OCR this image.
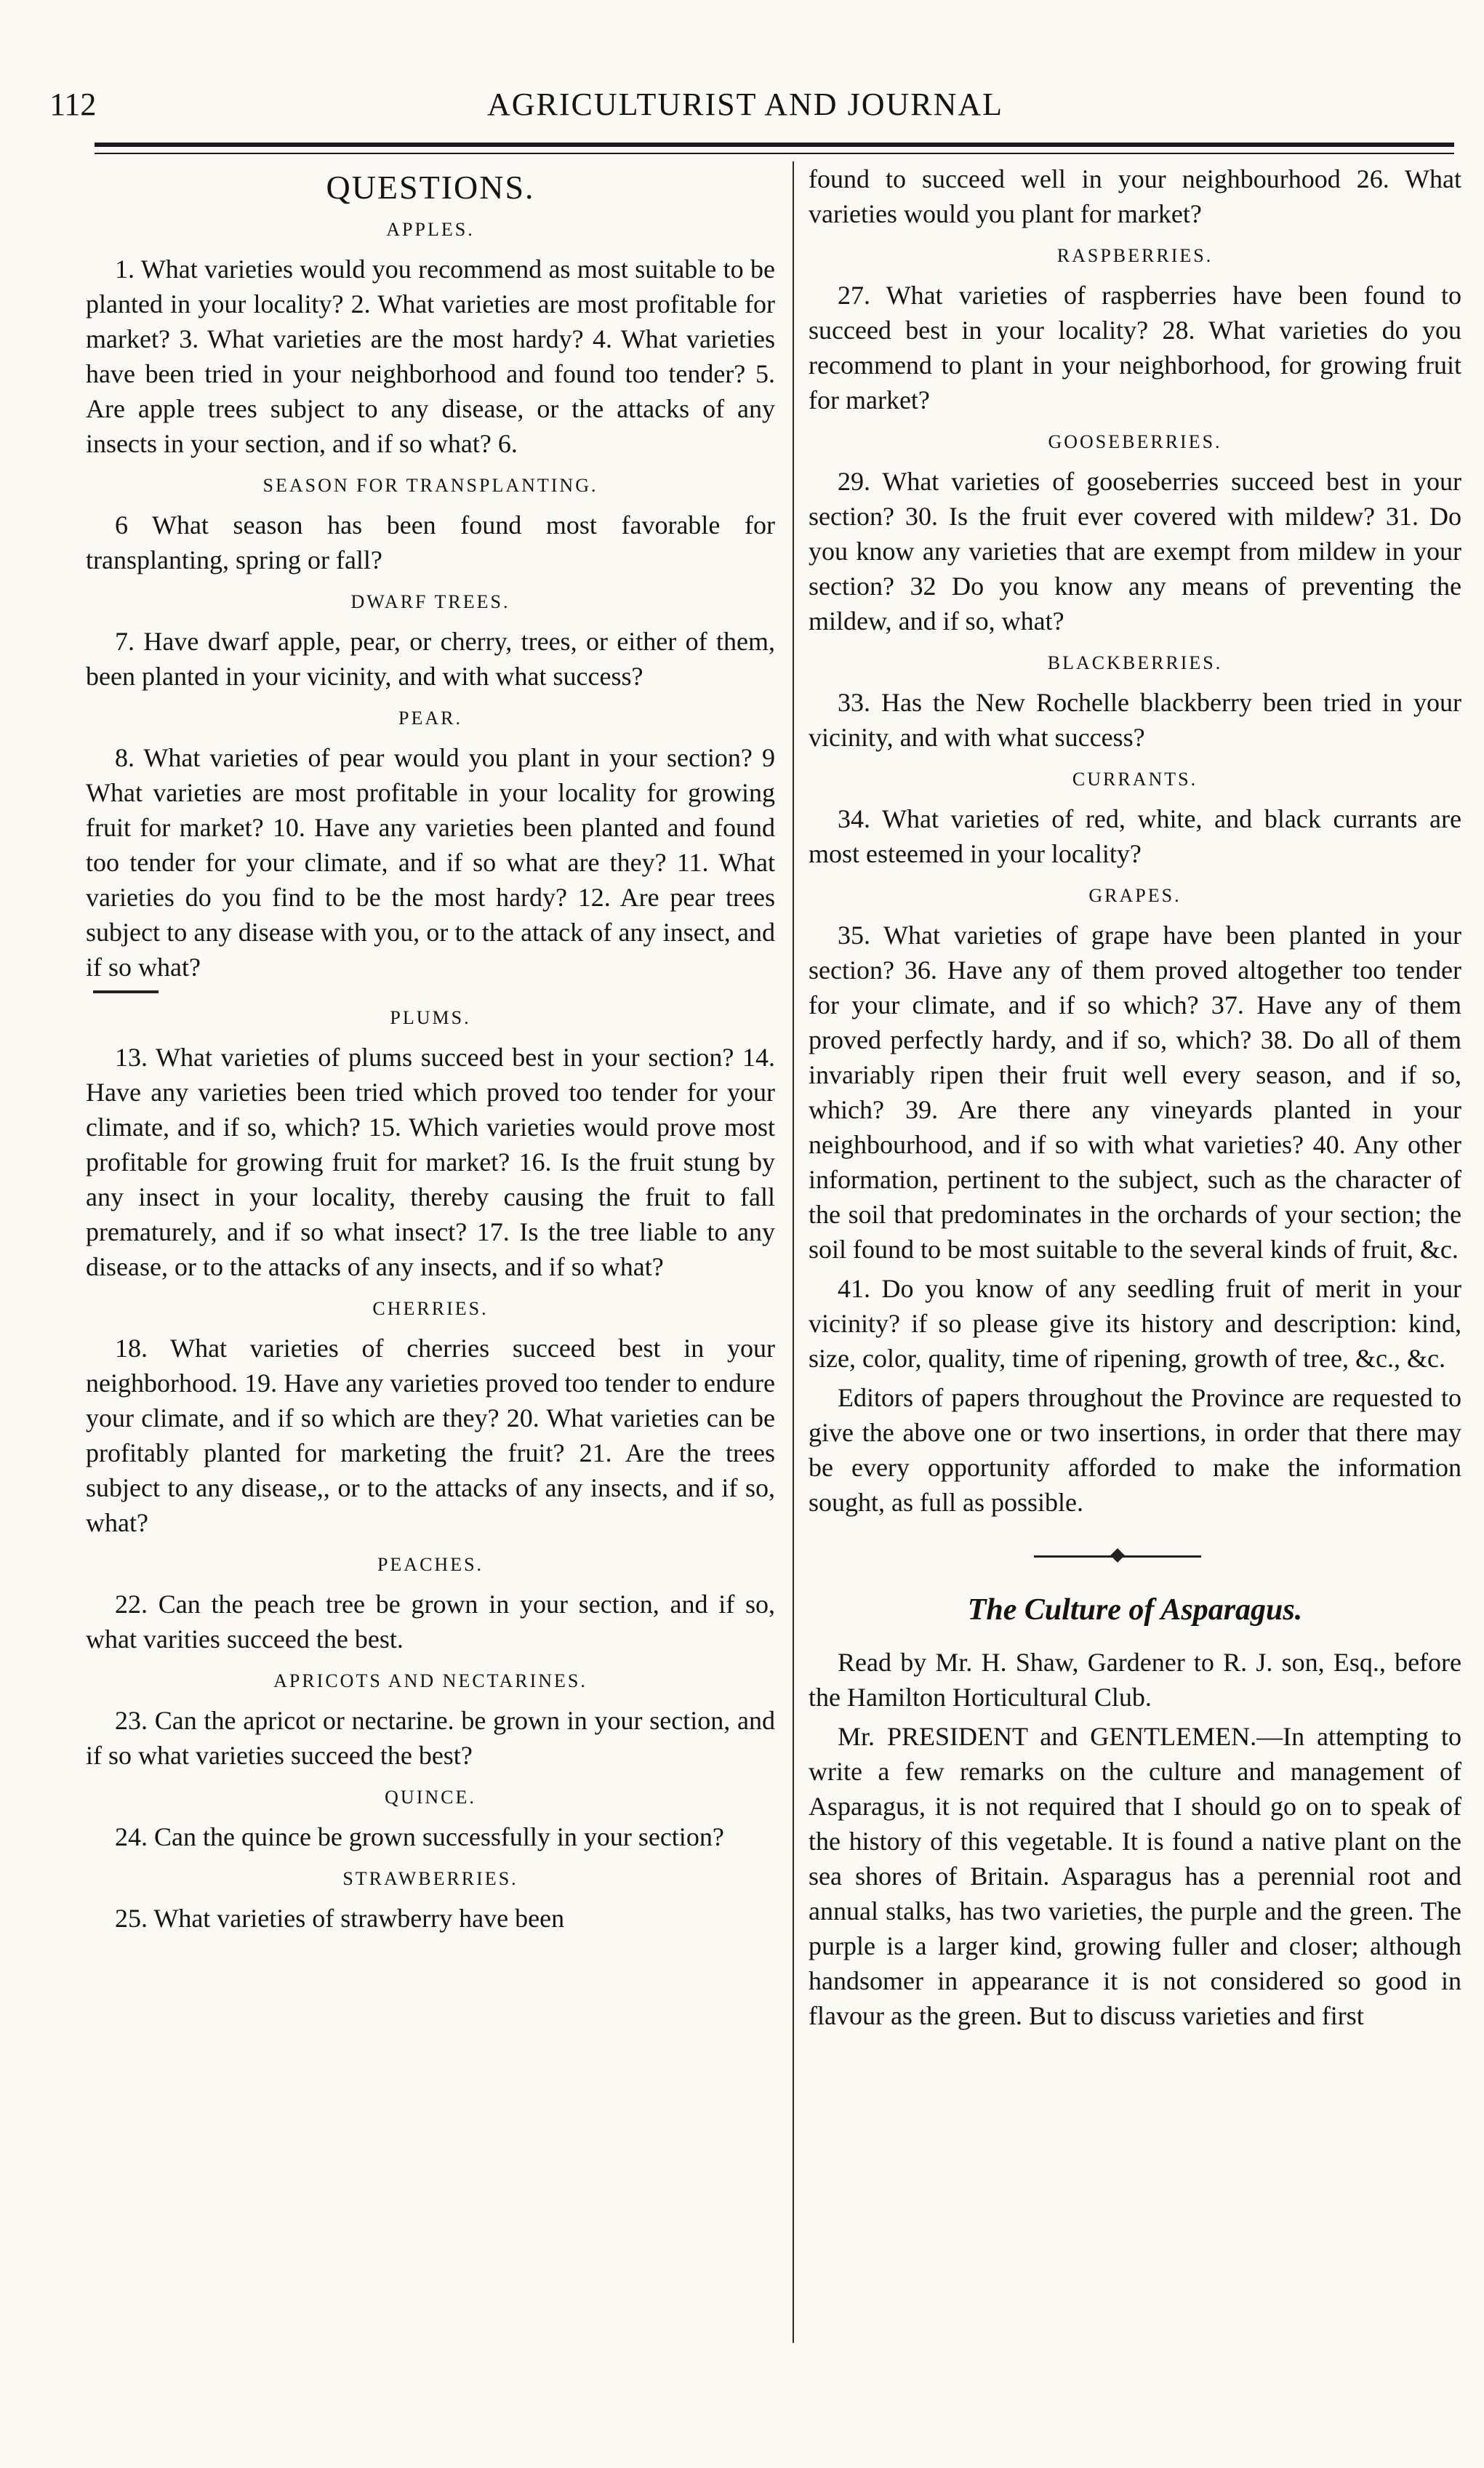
112	AGRICULTURIST AND JOURNAL
QUESTIONS.
APPLES.

1. What varieties would you recommend as most suitable to be planted in your locality? 2. What varieties are most profitable for market? 3. What varieties are the most hardy? 4. What varieties have been tried in your neighborhood and found too tender? 5. Are apple trees subject to any disease, or the attacks of any insects in your section, and if so what? 6.

SEASON FOR TRANSPLANTING.

6 What season has been found most favorable for transplanting, spring or fall?

DWARF TREES.

7. Have dwarf apple, pear, or cherry, trees, or either of them, been planted in your vicinity, and with what success?

PEAR.

8. What varieties of pear would you plant in your section? 9 What varieties are most profitable in your locality for growing fruit for market? 10. Have any varieties been planted and found too tender for your climate, and if so what are they? 11. What varieties do you find to be the most hardy? 12. Are pear trees subject to any disease with you, or to the attack of any insect, and if so what?

PLUMS.

13. What varieties of plums succeed best in your section? 14. Have any varieties been tried which proved too tender for your climate, and if so, which? 15. Which varieties would prove most profitable for growing fruit for market? 16. Is the fruit stung by any insect in your locality, thereby causing the fruit to fall prematurely, and if so what insect? 17. Is the tree liable to any disease, or to the attacks of any insects, and if so what?

CHERRIES.

18. What varieties of cherries succeed best in your neighborhood. 19. Have any varieties proved too tender to endure your climate, and if so which are they? 20. What varieties can be profitably planted for marketing the fruit? 21. Are the trees subject to any disease,, or to the attacks of any insects, and if so, what?

PEACHES.

22. Can the peach tree be grown in your section, and if so, what varities succeed the best.

APRICOTS AND NECTARINES.

23. Can the apricot or nectarine. be grown in your section, and if so what varieties succeed the best?

QUINCE.

24. Can the quince be grown successfully in your section?

STRAWBERRIES.

25. What varieties of strawberry have been

found to succeed well in your neighbourhood 26. What varieties would you plant for market?

RASPBERRIES.

27. What varieties of raspberries have been found to succeed best in your locality? 28. What varieties do you recommend to plant in your neighborhood, for growing fruit for market?

GOOSEBERRIES.

29. What varieties of gooseberries succeed best in your section? 30. Is the fruit ever covered with mildew? 31. Do you know any varieties that are exempt from mildew in your section? 32 Do you know any means of preventing the mildew, and if so, what?

BLACKBERRIES.

33. Has the New Rochelle blackberry been tried in your vicinity, and with what success?

CURRANTS.

34. What varieties of red, white, and black currants are most esteemed in your locality?

GRAPES.

35. What varieties of grape have been planted in your section? 36. Have any of them proved altogether too tender for your climate, and if so which? 37. Have any of them proved perfectly hardy, and if so, which? 38. Do all of them invariably ripen their fruit well every season, and if so, which? 39. Are there any vineyards planted in your neighbourhood, and if so with what varieties? 40. Any other information, pertinent to the subject, such as the character of the soil that predominates in the orchards of your section; the soil found to be most suitable to the several kinds of fruit, &c.

41. Do you know of any seedling fruit of merit in your vicinity? if so please give its history and description: kind, size, color, quality, time of ripening, growth of tree, &c., &c.

Editors of papers throughout the Province are requested to give the above one or two insertions, in order that there may be every opportunity afforded to make the information sought, as full as possible.

The Culture of Asparagus.

Read by Mr. H. Shaw, Gardener to R. J. son, Esq., before the Hamilton Horticultural Club.

Mr. PRESIDENT and GENTLEMEN.—In attempting to write a few remarks on the culture and management of Asparagus, it is not required that I should go on to speak of the history of this vegetable. It is found a native plant on the sea shores of Britain. Asparagus has a perennial root and annual stalks, has two varieties, the purple and the green. The purple is a larger kind, growing fuller and closer; although handsomer in appearance it is not considered so good in flavour as the green. But to discuss varieties and first
